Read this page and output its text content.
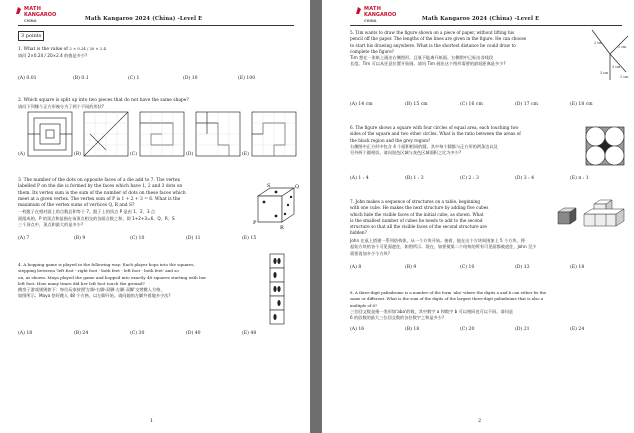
MATH
KANGAROO
CHINA	Math Kangaroo 2024 (China) -Level E
3 points
1. What is the value of 2 × 0.24 / 20 × 2.4
请问 2×0.24 / 20×2.4 的值是多少?
(A) 0.01	(B) 0.1	(C) 1	(D) 10	(E) 100
2. Which square is split up into two pieces that do not have the same shape?
请问下列哪个正方形被分为了两个不同的形状?
(A)	(B)	(C)	(D)	(E)
3. The number of the dots on opposite faces of a die add to 7. The vertex
labelled P on the die is formed by the faces which have 1, 2 and 3 dots on
them. Its vertex sum is the sum of the number of dots on these faces which
meet at a given vertex. The vertex sum of P is 1 + 2 + 3 = 6. What is the
maximum of the vertex sums of vertices Q, R and S?
一枚骰子在相对面上的点数总和等于 7。骰子上的顶点 P 是由 1、2、3 点
面组成的。P 的顶点和是指在该顶点相交的各面点数之和，即 1+2+3=6。Q、R、S
三个顶点中，顶点和最大的是多少?	P
S	Q
R
(A) 7	(B) 9	(C) 10	(D) 11	(E) 15
4. A hopping game is played in the following way: Each player hops into the squares,
stepping between 'left foot - right foot - both feet - left foot - both feet' and so
on, as shown. Maya played the game and hopped into exactly 48 squares starting with her
left foot. How many times did her left foot touch the ground?
跳房子游戏规则如下：每位玩家按照'左脚-右脚-双脚-左脚-双脚'交替跳入方格，
如图所示。Maya 恰好跳入 48 个方格，以左脚开始。请问她的左脚共着地多少次?
(A) 18	(B) 24	(C) 30	(D) 40	(E) 48
1
MATH
KANGAROO
CHINA	Math Kangaroo 2024 (China) -Level E
5. Tim wants to draw the figure shown on a piece of paper, without lifting his
pencil off the paper. The lengths of the lines are given in the figure. He can choose
to start his drawing anywhere. What is the shortest distance he could draw to
complete the figure?
Tim 想在一张纸上画出右侧图形，且笔不能离开纸面。右侧图中已标出各线段
长度。Tim 可以从任意位置开始画。请问 Tim 画出这个图形需要的最短距离是多少?
2 cm
2 cm
3 cm
2 cm
3 cm
(A) 14 cm	(B) 15 cm	(C) 16 cm	(D) 17 cm	(E) 18 cm
6. The figure shows a square with four circles of equal area, each touching two
sides of the square and two other circles. What is the ratio between the areas of
the black region and the grey region?
右侧图中正方形中包含 4 个面积相同的圆，其中每个圆都与正方形的两条边以及
另外两个圆相切。请问黑色区域与灰色区域面积之比为多少?
(A) 1 : 4	(B) 1 : 3	(C) 2 : 3	(D) 3 : 4	(E) π : 1
7. John makes a sequence of structures on a table, beginning
with one cube. He makes the next structure by adding five cubes
which hide the visible faces of the initial cube, as shown. What
is the smallest number of cubes he needs to add to the second
structure so that all the visible faces of the second structure are
hidden?
John 在桌上搭建一系列结构体，从一个方块开始。接着，他在这个方块周围加上 5 个方块，将
起始方块的各个可见面遮住，如图所示。现在，如要使第二个结构的所有可见面都被遮住，John 至少
需要再加多少个方块?
(A) 8	(B) 9	(C) 10	(D) 13	(E) 18
8. A three-digit palindrome is a number of the form 'aba' where the digits a and b can either be the
same or different. What is the sum of the digits of the largest three-digit palindrome that is also a
multiple of 6?
三位回文数是指一类形如'aba'的数，其中数字 a 和数字 b 可以相同也可以不同。请问是
6 的倍数的最大三位回文数的各位数字之和是多少?
(A) 16	(B) 18	(C) 20	(D) 21	(E) 24
2
